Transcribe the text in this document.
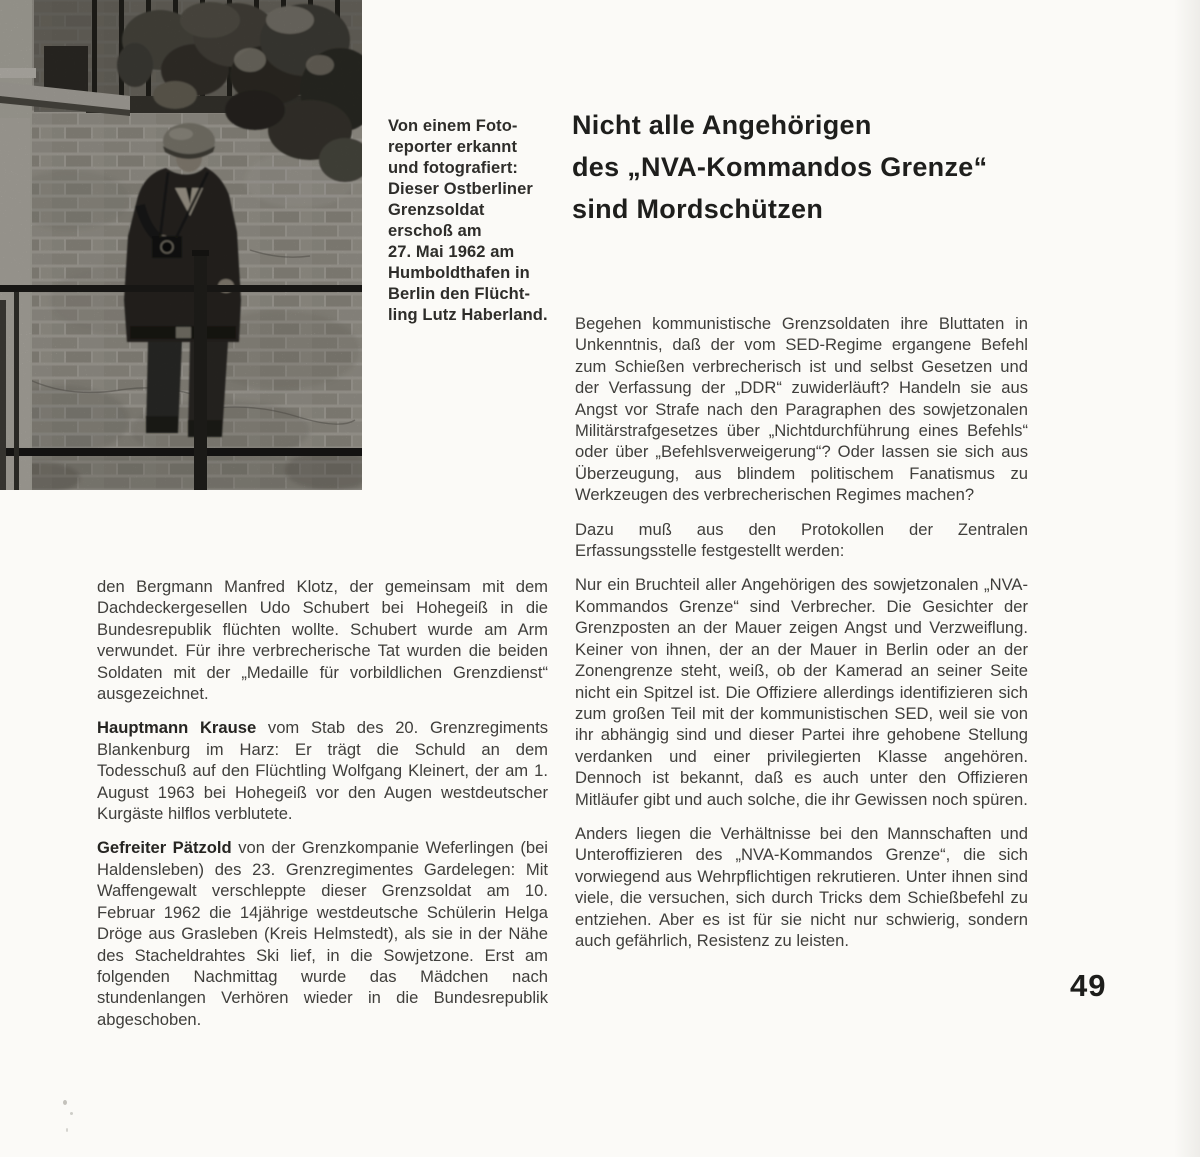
Von einem Foto-
reporter erkannt
und fotografiert:
Dieser Ostberliner
Grenzsoldat
erschoß am
27. Mai 1962 am
Humboldthafen in
Berlin den Flücht-
ling Lutz Haberland.
Nicht alle Angehörigen
des „NVA-Kommandos Grenze“
sind Mordschützen

den Bergmann Manfred Klotz, der gemeinsam mit dem Dachdeckergesellen Udo Schubert bei Hohegeiß in die Bundesrepublik flüchten wollte. Schubert wurde am Arm verwundet. Für ihre verbrecherische Tat wurden die beiden Soldaten mit der „Medaille für vorbildlichen Grenzdienst“ ausgezeichnet.

Hauptmann Krause vom Stab des 20. Grenzregiments Blankenburg im Harz: Er trägt die Schuld an dem Todesschuß auf den Flüchtling Wolfgang Kleinert, der am 1. August 1963 bei Hohegeiß vor den Augen westdeutscher Kurgäste hilflos verblutete.

Gefreiter Pätzold von der Grenzkompanie Weferlingen (bei Haldensleben) des 23. Grenzregimentes Gardelegen: Mit Waffengewalt verschleppte dieser Grenzsoldat am 10. Februar 1962 die 14jährige westdeutsche Schülerin Helga Dröge aus Grasleben (Kreis Helmstedt), als sie in der Nähe des Stacheldrahtes Ski lief, in die Sowjetzone. Erst am folgenden Nachmittag wurde das Mädchen nach stundenlangen Verhören wieder in die Bundesrepublik abgeschoben.

Begehen kommunistische Grenzsoldaten ihre Bluttaten in Unkenntnis, daß der vom SED-Regime ergangene Befehl zum Schießen verbrecherisch ist und selbst Gesetzen und der Verfassung der „DDR“ zuwiderläuft? Handeln sie aus Angst vor Strafe nach den Paragraphen des sowjetzonalen Militärstrafgesetzes über „Nichtdurchführung eines Befehls“ oder über „Befehlsverweigerung“? Oder lassen sie sich aus Überzeugung, aus blindem politischem Fanatismus zu Werkzeugen des verbrecherischen Regimes machen?

Dazu muß aus den Protokollen der Zentralen Erfassungsstelle festgestellt werden:

Nur ein Bruchteil aller Angehörigen des sowjetzonalen „NVA-Kommandos Grenze“ sind Verbrecher. Die Gesichter der Grenzposten an der Mauer zeigen Angst und Verzweiflung. Keiner von ihnen, der an der Mauer in Berlin oder an der Zonengrenze steht, weiß, ob der Kamerad an seiner Seite nicht ein Spitzel ist. Die Offiziere allerdings identifizieren sich zum großen Teil mit der kommunistischen SED, weil sie von ihr abhängig sind und dieser Partei ihre gehobene Stellung verdanken und einer privilegierten Klasse angehören. Dennoch ist bekannt, daß es auch unter den Offizieren Mitläufer gibt und auch solche, die ihr Gewissen noch spüren.

Anders liegen die Verhältnisse bei den Mannschaften und Unteroffizieren des „NVA-Kommandos Grenze“, die sich vorwiegend aus Wehrpflichtigen rekrutieren. Unter ihnen sind viele, die versuchen, sich durch Tricks dem Schießbefehl zu entziehen. Aber es ist für sie nicht nur schwierig, sondern auch gefährlich, Resistenz zu leisten.

49
